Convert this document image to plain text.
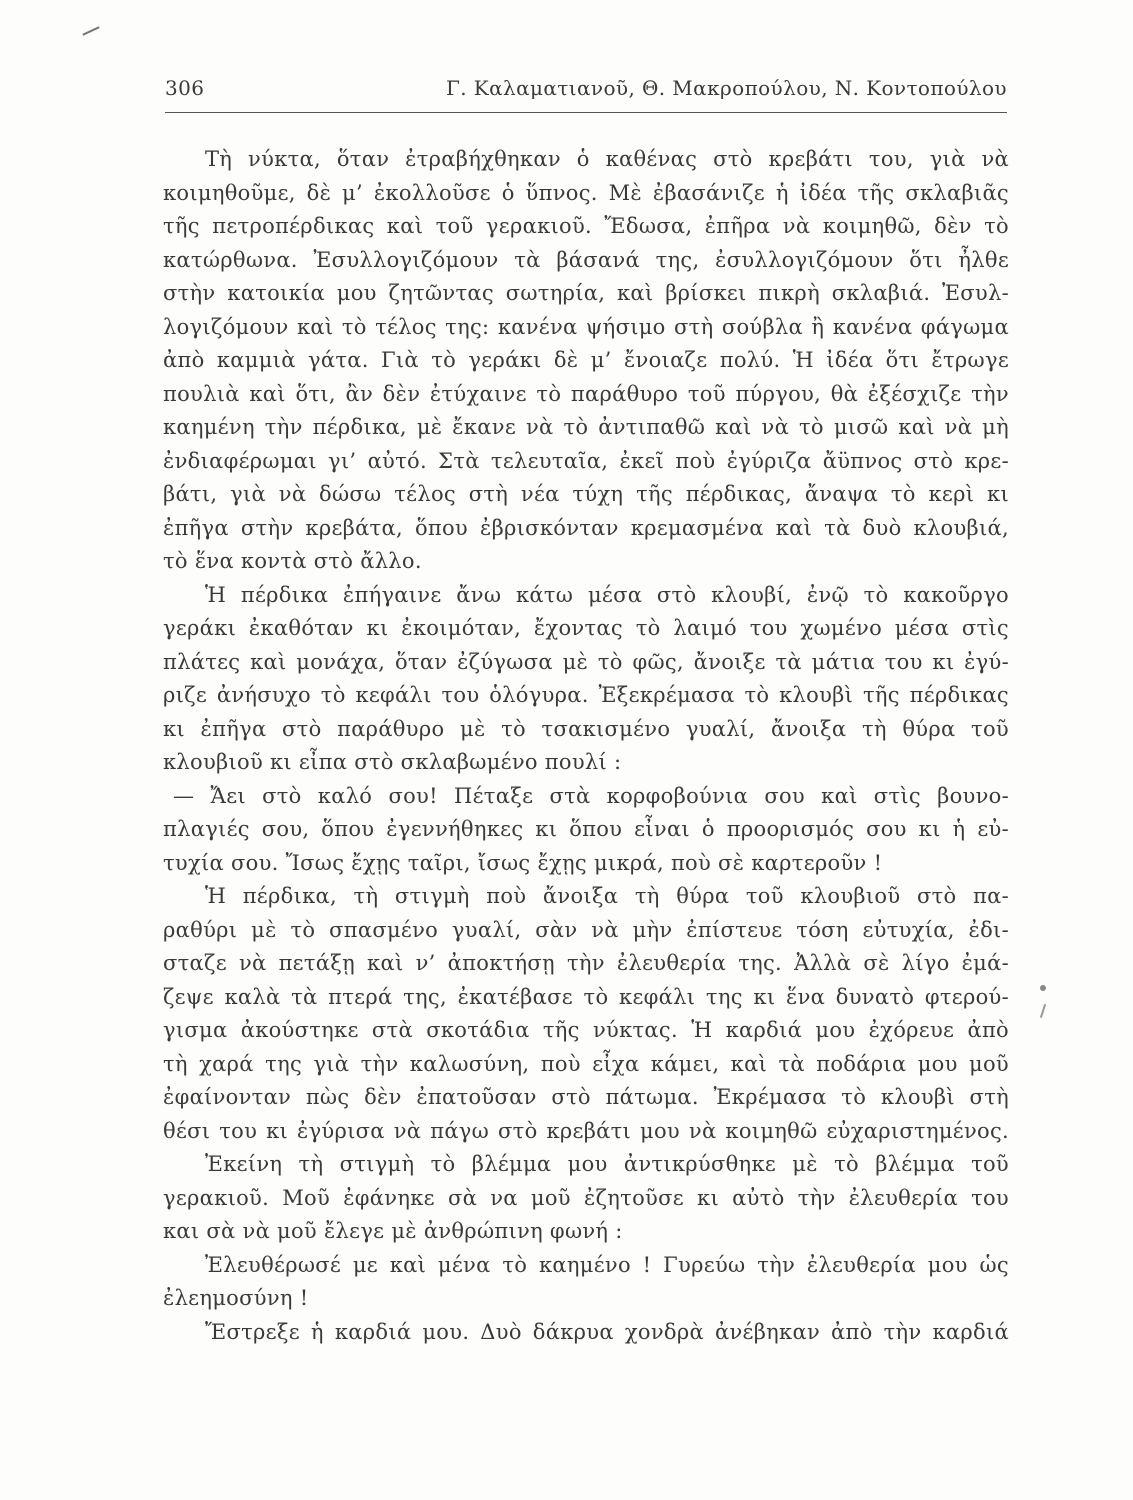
306	Γ. Καλαματιανοῦ, Θ. Μακροπούλου, Ν. Κοντοπούλου
Τὴ νύκτα, ὅταν ἐτραβήχθηκαν ὁ καθένας στὸ κρεβάτι του, γιὰ νὰ
κοιμηθοῦμε, δὲ μ’ ἐκολλοῦσε ὁ ὕπνος. Μὲ ἐβασάνιζε ἡ ἰδέα τῆς σκλαβιᾶς
τῆς πετροπέρδικας καὶ τοῦ γερακιοῦ. Ἔδωσα, ἐπῆρα νὰ κοιμηθῶ, δὲν τὸ
κατώρθωνα. Ἐσυλλογιζόμουν τὰ βάσανά της, ἐσυλλογιζόμουν ὅτι ἦλθε
στὴν κατοικία μου ζητῶντας σωτηρία, καὶ βρίσκει πικρὴ σκλαβιά. Ἐσυλ-
λογιζόμουν καὶ τὸ τέλος της: κανένα ψήσιμο στὴ σούβλα ἢ κανένα φάγωμα
ἀπὸ καμμιὰ γάτα. Γιὰ τὸ γεράκι δὲ μ’ ἔνοιαζε πολύ. Ἡ ἰδέα ὅτι ἔτρωγε
πουλιὰ καὶ ὅτι, ἂν δὲν ἐτύχαινε τὸ παράθυρο τοῦ πύργου, θὰ ἐξέσχιζε τὴν
καημένη τὴν πέρδικα, μὲ ἔκανε νὰ τὸ ἀντιπαθῶ καὶ νὰ τὸ μισῶ καὶ νὰ μὴ
ἐνδιαφέρωμαι γι’ αὐτό. Στὰ τελευταῖα, ἐκεῖ ποὺ ἐγύριζα ἄϋπνος στὸ κρε-
βάτι, γιὰ νὰ δώσω τέλος στὴ νέα τύχη τῆς πέρδικας, ἄναψα τὸ κερὶ κι
ἐπῆγα στὴν κρεβάτα, ὅπου ἐβρισκόνταν κρεμασμένα καὶ τὰ δυὸ κλουβιά,
τὸ ἕνα κοντὰ στὸ ἄλλο.
Ἡ πέρδικα ἐπήγαινε ἄνω κάτω μέσα στὸ κλουβί, ἐνῷ τὸ κακοῦργο
γεράκι ἐκαθόταν κι ἐκοιμόταν, ἔχοντας τὸ λαιμό του χωμένο μέσα στὶς
πλάτες καὶ μονάχα, ὅταν ἐζύγωσα μὲ τὸ φῶς, ἄνοιξε τὰ μάτια του κι ἐγύ-
ριζε ἀνήσυχο τὸ κεφάλι του ὁλόγυρα. Ἐξεκρέμασα τὸ κλουβὶ τῆς πέρδικας
κι ἐπῆγα στὸ παράθυρο μὲ τὸ τσακισμένο γυαλί, ἄνοιξα τὴ θύρα τοῦ
κλουβιοῦ κι εἶπα στὸ σκλαβωμένο πουλί :
— Ἄει στὸ καλό σου! Πέταξε στὰ κορφοβούνια σου καὶ στὶς βουνο-
πλαγιές σου, ὅπου ἐγεννήθηκες κι ὅπου εἶναι ὁ προορισμός σου κι ἡ εὐ-
τυχία σου. Ἴσως ἔχῃς ταῖρι, ἴσως ἔχῃς μικρά, ποὺ σὲ καρτεροῦν !
Ἡ πέρδικα, τὴ στιγμὴ ποὺ ἄνοιξα τὴ θύρα τοῦ κλουβιοῦ στὸ πα-
ραθύρι μὲ τὸ σπασμένο γυαλί, σὰν νὰ μὴν ἐπίστευε τόση εὐτυχία, ἐδι-
σταζε νὰ πετάξῃ καὶ ν’ ἀποκτήσῃ τὴν ἐλευθερία της. Ἀλλὰ σὲ λίγο ἐμά-
ζεψε καλὰ τὰ πτερά της, ἐκατέβασε τὸ κεφάλι της κι ἕνα δυνατὸ φτερού-
γισμα ἀκούστηκε στὰ σκοτάδια τῆς νύκτας. Ἡ καρδιά μου ἐχόρευε ἀπὸ
τὴ χαρά της γιὰ τὴν καλωσύνη, ποὺ εἶχα κάμει, καὶ τὰ ποδάρια μου μοῦ
ἐφαίνονταν πὼς δὲν ἐπατοῦσαν στὸ πάτωμα. Ἐκρέμασα τὸ κλουβὶ στὴ
θέσι του κι ἐγύρισα νὰ πάγω στὸ κρεβάτι μου νὰ κοιμηθῶ εὐχαριστημένος.
Ἐκείνη τὴ στιγμὴ τὸ βλέμμα μου ἀντικρύσθηκε μὲ τὸ βλέμμα τοῦ
γερακιοῦ. Μοῦ ἐφάνηκε σὰ να μοῦ ἐζητοῦσε κι αὐτὸ τὴν ἐλευθερία του
και σὰ νὰ μοῦ ἔλεγε μὲ ἀνθρώπινη φωνή :
Ἐλευθέρωσέ με καὶ μένα τὸ καημένο ! Γυρεύω τὴν ἐλευθερία μου ὡς
ἐλεημοσύνη !
Ἔστρεξε ἡ καρδιά μου. Δυὸ δάκρυα χονδρὰ ἀνέβηκαν ἀπὸ τὴν καρδιά
